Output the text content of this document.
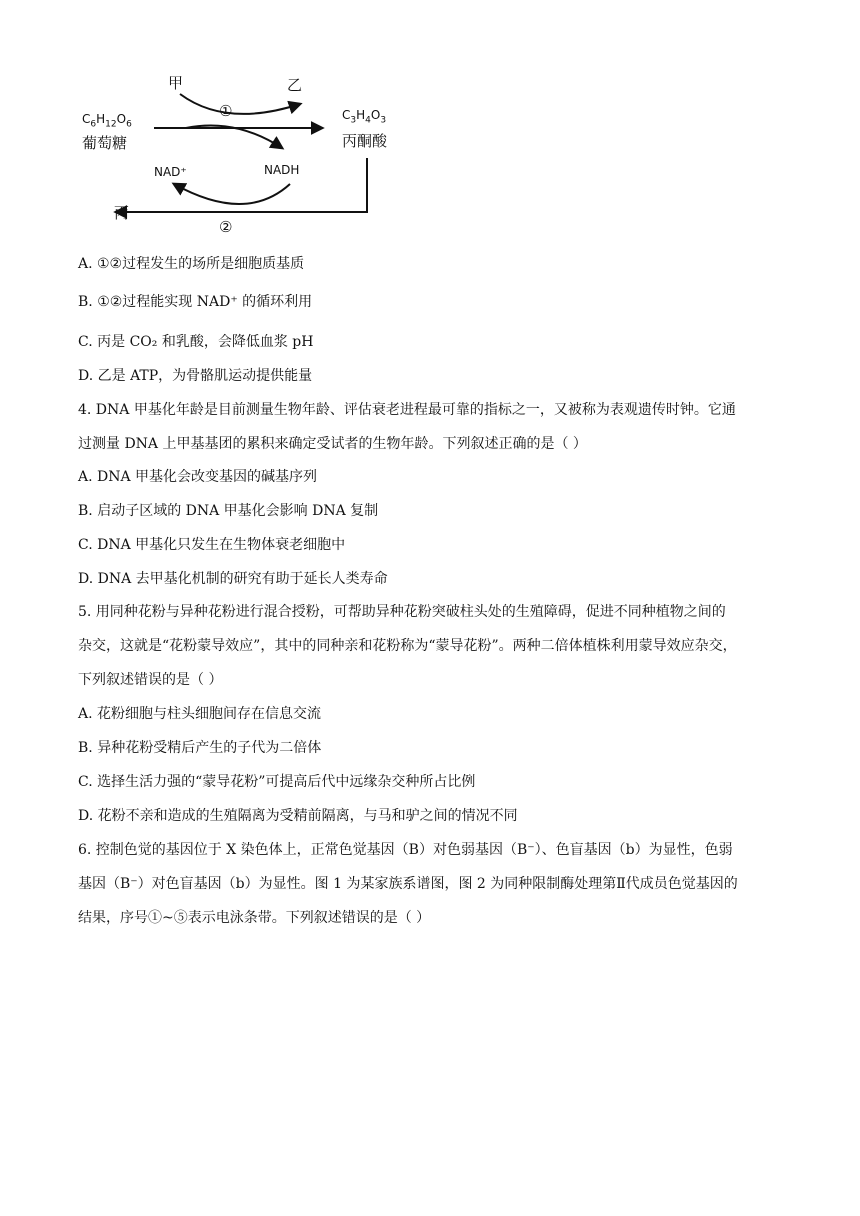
甲	乙
①
$C_6H_{12}O_6$
葡萄糖
$C_3H_4O_3$
丙酮酸
NAD⁺	NADH
丙
②
A. ①②过程发生的场所是细胞质基质
B. ①②过程能实现 NAD⁺ 的循环利用
C. 丙是 CO₂ 和乳酸，会降低血浆 pH
D. 乙是 ATP，为骨骼肌运动提供能量
4. DNA 甲基化年龄是目前测量生物年龄、评估衰老进程最可靠的指标之一，又被称为表观遗传时钟。它通
过测量 DNA 上甲基基团的累积来确定受试者的生物年龄。下列叙述正确的是（ ）
A. DNA 甲基化会改变基因的碱基序列
B. 启动子区域的 DNA 甲基化会影响 DNA 复制
C. DNA 甲基化只发生在生物体衰老细胞中
D. DNA 去甲基化机制的研究有助于延长人类寿命
5. 用同种花粉与异种花粉进行混合授粉，可帮助异种花粉突破柱头处的生殖障碍，促进不同种植物之间的
杂交，这就是“花粉蒙导效应”，其中的同种亲和花粉称为“蒙导花粉”。两种二倍体植株利用蒙导效应杂交，
下列叙述错误的是（ ）
A. 花粉细胞与柱头细胞间存在信息交流
B. 异种花粉受精后产生的子代为二倍体
C. 选择生活力强的“蒙导花粉”可提高后代中远缘杂交种所占比例
D. 花粉不亲和造成的生殖隔离为受精前隔离，与马和驴之间的情况不同
6. 控制色觉的基因位于 X 染色体上，正常色觉基因（B）对色弱基因（B⁻）、色盲基因（b）为显性，色弱
基因（B⁻）对色盲基因（b）为显性。图 1 为某家族系谱图，图 2 为同种限制酶处理第Ⅱ代成员色觉基因的
结果，序号①~⑤表示电泳条带。下列叙述错误的是（ ）
